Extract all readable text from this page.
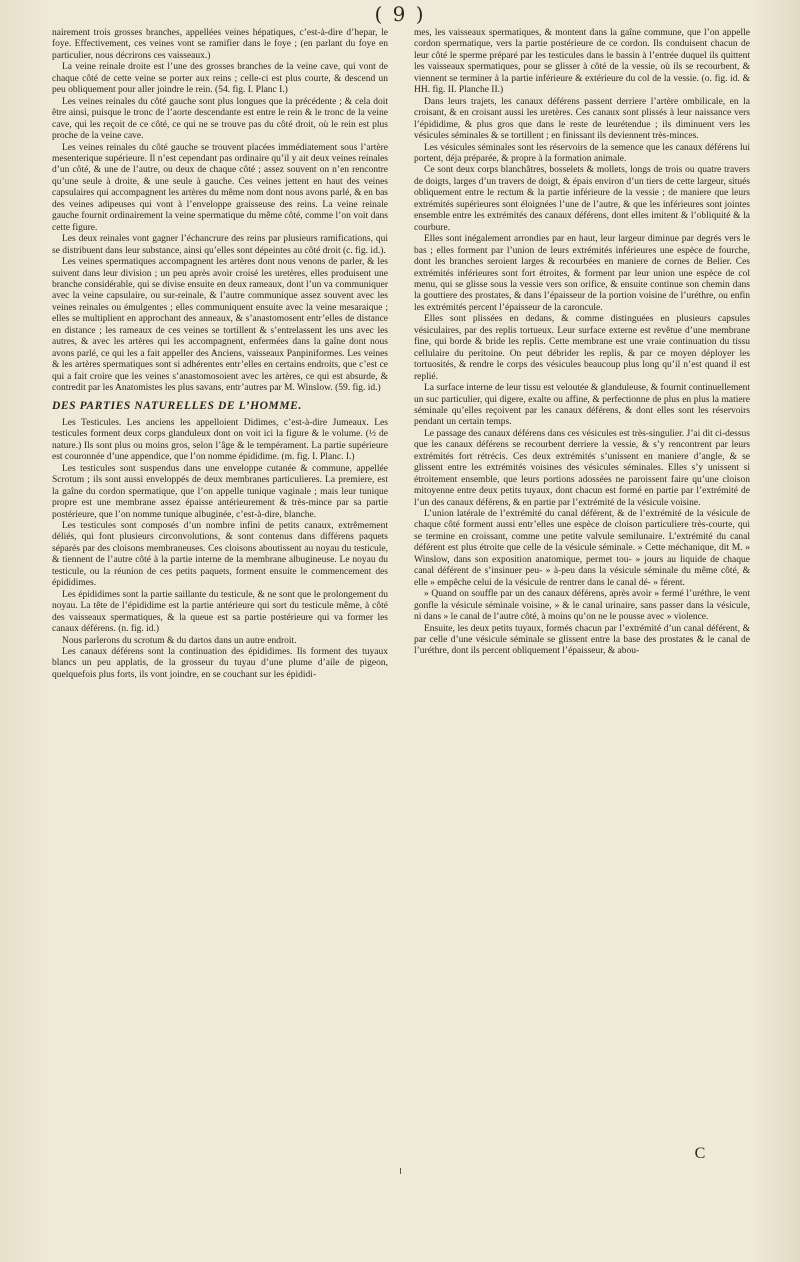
( 9 )

nairement trois grosses branches, appellées veines hépatiques, c’est-à-dire d’hepar, le foye. Effectivement, ces veines vont se ramifier dans le foye ; (en parlant du foye en particulier, nous décrirons ces vaisseaux.)

La veine reinale droite est l’une des grosses branches de la veine cave, qui vont de chaque côté de cette veine se porter aux reins ; celle-ci est plus courte, & descend un peu obliquement pour aller joindre le rein. (54. fig. I. Planc I.)

Les veines reinales du côté gauche sont plus longues que la précédente ; & cela doit être ainsi, puisque le tronc de l’aorte descendante est entre le rein & le tronc de la veine cave, qui les reçoit de ce côté, ce qui ne se trouve pas du côté droit, où le rein est plus proche de la veine cave.

Les veines reinales du côté gauche se trouvent placées immédiatement sous l’artère mesenterique supérieure. Il n’est cependant pas ordinaire qu’il y ait deux veines reinales d’un côté, & une de l’autre, ou deux de chaque côté ; assez souvent on n’en rencontre qu’une seule à droite, & une seule à gauche. Ces veines jettent en haut des veines capsulaires qui accompagnent les artères du même nom dont nous avons parlé, & en bas des veines adipeuses qui vont à l’enveloppe graisseuse des reins. La veine reinale gauche fournit ordinairement la veine spermatique du même côté, comme l’on voit dans cette figure.

Les deux reinales vont gagner l’échancrure des reins par plusieurs ramifications, qui se distribuent dans leur substance, ainsi qu’elles sont dépeintes au côté droit (c. fig. id.).

Les veines spermatiques accompagnent les artères dont nous venons de parler, & les suivent dans leur division ; un peu après avoir croisé les uretères, elles produisent une branche considérable, qui se divise ensuite en deux rameaux, dont l’un va communiquer avec la veine capsulaire, ou sur-reinale, & l’autre communique assez souvent avec les veines reinales ou émulgentes ; elles communiquent ensuite avec la veine mesaraique ; elles se multiplient en approchant des anneaux, & s’anastomosent entr’elles de distance en distance ; les rameaux de ces veines se tortillent & s’entrelassent les uns avec les autres, & avec les artères qui les accompagnent, enfermées dans la gaîne dont nous avons parlé, ce qui les a fait appeller des Anciens, vaisseaux Panpiniformes. Les veines & les artères spermatiques sont si adhérentes entr’elles en certains endroits, que c’est ce qui a fait croire que les veines s’anastomosoient avec les artères, ce qui est absurde, & contredit par les Anatomistes les plus savans, entr’autres par M. Winslow. (59. fig. id.)

DES PARTIES NATURELLES DE L’HOMME.

Les Testicules. Les anciens les appelloient Didimes, c’est-à-dire Jumeaux. Les testicules forment deux corps glanduleux dont on voit ici la figure & le volume. (½ de nature.) Ils sont plus ou moins gros, selon l’âge & le tempérament. La partie supérieure est couronnée d’une appendice, que l’on nomme épididime. (m. fig. I. Planc. I.)

Les testicules sont suspendus dans une enveloppe cutanée & commune, appellée Scrotum ; ils sont aussi enveloppés de deux membranes particulieres. La premiere, est la gaîne du cordon spermatique, que l’on appelle tunique vaginale ; mais leur tunique propre est une membrane assez épaisse antérieurement & très-mince par sa partie postérieure, que l’on nomme tunique albuginée, c’est-à-dire, blanche.

Les testicules sont composés d’un nombre infini de petits canaux, extrêmement déliés, qui font plusieurs circonvolutions, & sont contenus dans différens paquets séparés par des cloisons membraneuses. Ces cloisons aboutissent au noyau du testicule, & tiennent de l’autre côté à la partie interne de la membrane albugineuse. Le noyau du testicule, ou la réunion de ces petits paquets, forment ensuite le commencement des épididimes.

Les épididimes sont la partie saillante du testicule, & ne sont que le prolongement du noyau. La tête de l’épididime est la partie antérieure qui sort du testicule même, à côté des vaisseaux spermatiques, & la queue est sa partie postérieure qui va former les canaux déférens. (n. fig. id.)

Nous parlerons du scrotum & du dartos dans un autre endroit.

Les canaux déférens sont la continuation des épididimes. Ils forment des tuyaux blancs un peu applatis, de la grosseur du tuyau d’une plume d’aile de pigeon, quelquefois plus forts, ils vont joindre, en se couchant sur les épididi-

mes, les vaisseaux spermatiques, & montent dans la gaîne commune, que l’on appelle cordon spermatique, vers la partie postérieure de ce cordon. Ils conduisent chacun de leur côté le sperme préparé par les testicules dans le bassin à l’entrée duquel ils quittent les vaisseaux spermatiques, pour se glisser à côté de la vessie, où ils se recourbent, & viennent se terminer à la partie inférieure & extérieure du col de la vessie. (o. fig. id. & HH. fig. II. Planche II.)

Dans leurs trajets, les canaux déférens passent derriere l’artère ombilicale, en la croisant, & en croisant aussi les uretères. Ces canaux sont plissés à leur naissance vers l’épididime, & plus gros que dans le reste de leurétendue ; ils diminuent vers les vésicules séminales & se tortillent ; en finissant ils deviennent très-minces.

Les vésicules séminales sont les réservoirs de la semence que les canaux déférens lui portent, déja préparée, & propre à la formation animale.

Ce sont deux corps blanchâtres, bosselets & mollets, longs de trois ou quatre travers de doigts, larges d’un travers de doigt, & épais environ d’un tiers de cette largeur, situés obliquement entre le rectum & la partie inférieure de la vessie ; de maniere que leurs extrémités supérieures sont éloignées l’une de l’autre, & que les inférieures sont jointes ensemble entre les extrémités des canaux déférens, dont elles imitent & l’obliquité & la courbure.

Elles sont inégalement arrondies par en haut, leur largeur diminue par degrés vers le bas ; elles forment par l’union de leurs extrémités inférieures une espèce de fourche, dont les branches seroient larges & recourbées en maniere de cornes de Belier. Ces extrémités inférieures sont fort étroites, & forment par leur union une espèce de col menu, qui se glisse sous la vessie vers son orifice, & ensuite continue son chemin dans la gouttiere des prostates, & dans l’épaisseur de la portion voisine de l’uréthre, ou enfin les extrémités percent l’épaisseur de la caroncule.

Elles sont plissées en dedans, & comme distinguées en plusieurs capsules vésiculaires, par des replis tortueux. Leur surface externe est revêtue d’une membrane fine, qui borde & bride les replis. Cette membrane est une vraie continuation du tissu cellulaire du peritoine. On peut débrider les replis, & par ce moyen déployer les tortuosités, & rendre le corps des vésicules beaucoup plus long qu’il n’est quand il est replié.

La surface interne de leur tissu est veloutée & glanduleuse, & fournit continuellement un suc particulier, qui digere, exalte ou affine, & perfectionne de plus en plus la matiere séminale qu’elles reçoivent par les canaux déférens, & dont elles sont les réservoirs pendant un certain temps.

Le passage des canaux déférens dans ces vésicules est très-singulier. J’ai dit ci-dessus que les canaux déférens se recourbent derriere la vessie, & s’y rencontrent par leurs extrémités fort rétrécis. Ces deux extrémités s’unissent en maniere d’angle, & se glissent entre les extrémités voisines des vésicules séminales. Elles s’y unissent si étroitement ensemble, que leurs portions adossées ne paroissent faire qu’une cloison mitoyenne entre deux petits tuyaux, dont chacun est formé en partie par l’extrémité de l’un des canaux déférens, & en partie par l’extrémité de la vésicule voisine.

L’union latérale de l’extrémité du canal déférent, & de l’extrémité de la vésicule de chaque côté forment aussi entr’elles une espèce de cloison particuliere très-courte, qui se termine en croissant, comme une petite valvule semilunaire. L’extrémité du canal déférent est plus étroite que celle de la vésicule séminale. » Cette méchanique, dit M. » Winslow, dans son exposition anatomique, permet tou- » jours au liquide de chaque canal déférent de s’insinuer peu- » à-peu dans la vésicule séminale du même côté, & elle » empêche celui de la vésicule de rentrer dans le canal dé- » férent.

» Quand on souffle par un des canaux déférens, après avoir » fermé l’uréthre, le vent gonfle la vésicule séminale voisine, » & le canal urinaire, sans passer dans la vésicule, ni dans » le canal de l’autre côté, à moins qu’on ne le pousse avec » violence.

Ensuite, les deux petits tuyaux, formés chacun par l’extrémité d’un canal déférent, & par celle d’une vésicule séminale se glissent entre la base des prostates & le canal de l’uréthre, dont ils percent obliquement l’épaisseur, & abou-

C
